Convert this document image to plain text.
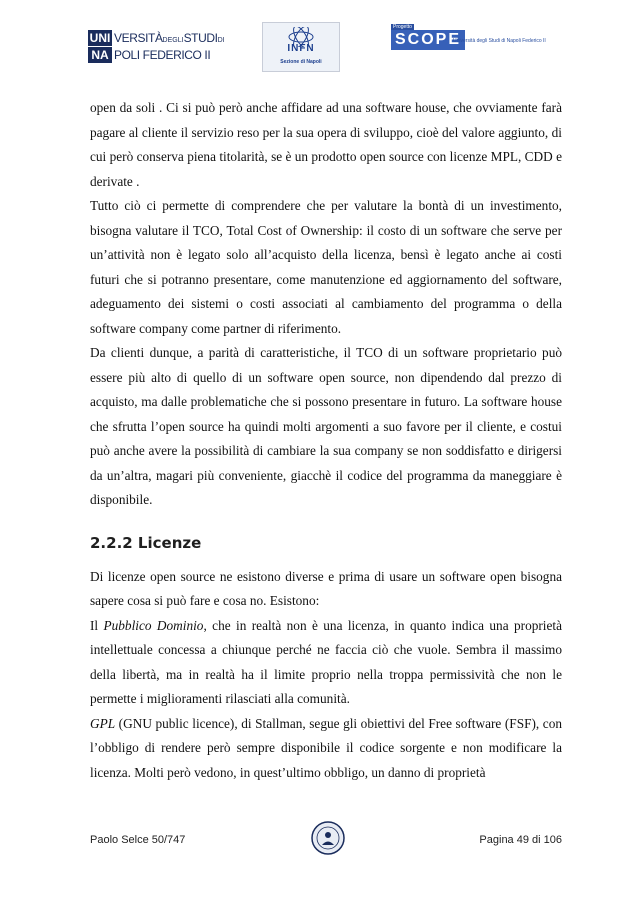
UNI VERSITÀDEGLISTUDIDI
NA POLI FEDERICO II	INFN
Sezione di Napoli
Progetto
SCOPE
Università degli Studi di Napoli Federico II

open da soli . Ci si può però anche affidare ad una software house, che ovviamente farà pagare al cliente il servizio reso per la sua opera di sviluppo, cioè del valore aggiunto, di cui però conserva piena titolarità, se è un prodotto open source con licenze MPL, CDD e derivate .

Tutto ciò ci permette di comprendere che per valutare la bontà di un investimento, bisogna valutare il TCO, Total Cost of Ownership: il costo di un software che serve per un’attività non è legato solo all’acquisto della licenza, bensì è legato anche ai costi futuri che si potranno presentare, come manutenzione ed aggiornamento del software, adeguamento dei sistemi o costi associati al cambiamento del programma o della software company come partner di riferimento.

Da clienti dunque, a parità di caratteristiche, il TCO di un software proprietario può essere più alto di quello di un software open source, non dipendendo dal prezzo di acquisto, ma dalle problematiche che si possono presentare in futuro. La software house che sfrutta l’open source ha quindi molti argomenti a suo favore per il cliente, e costui può anche avere la possibilità di cambiare la sua company se non soddisfatto e dirigersi da un’altra, magari più conveniente, giacchè il codice del programma da maneggiare è disponibile.

2.2.2 Licenze

Di licenze open source ne esistono diverse e prima di usare un software open bisogna sapere cosa si può fare e cosa no. Esistono:

Il Pubblico Dominio, che in realtà non è una licenza, in quanto indica una proprietà intellettuale concessa a chiunque perché ne faccia ciò che vuole. Sembra il massimo della libertà, ma in realtà ha il limite proprio nella troppa permissività che non le permette i miglioramenti rilasciati alla comunità.

GPL (GNU public licence), di Stallman, segue gli obiettivi del Free software (FSF), con l’obbligo di rendere però sempre disponibile il codice sorgente e non modificare la licenza. Molti però vedono, in quest’ultimo obbligo, un danno di proprietà

Paolo Selce 50/747	Pagina 49 di 106
